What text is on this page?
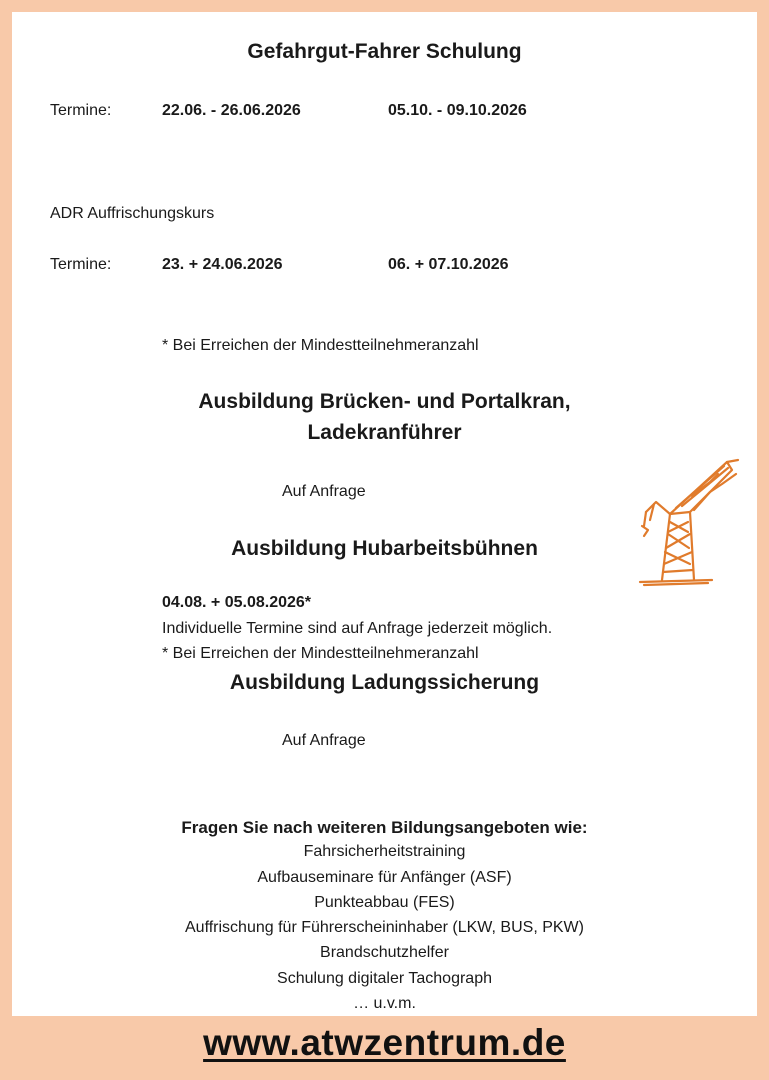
Gefahrgut-Fahrer Schulung
Termine:	22.06. - 26.06.2026	05.10. - 09.10.2026
ADR Auffrischungskurs
Termine:	23. + 24.06.2026	06. + 07.10.2026
* Bei Erreichen der Mindestteilnehmeranzahl
Ausbildung Brücken- und Portalkran,
Ladekranführer
Auf Anfrage
Ausbildung Hubarbeitsbühnen
04.08. + 05.08.2026*
Individuelle Termine sind auf Anfrage jederzeit möglich.
* Bei Erreichen der Mindestteilnehmeranzahl
Ausbildung Ladungssicherung
Auf Anfrage
Fragen Sie nach weiteren Bildungsangeboten wie:
Fahrsicherheitstraining
Aufbauseminare für Anfänger (ASF)
Punkteabbau (FES)
Auffrischung für Führerscheininhaber (LKW, BUS, PKW)
Brandschutzhelfer
Schulung digitaler Tachograph
… u.v.m.
www.atwzentrum.de
